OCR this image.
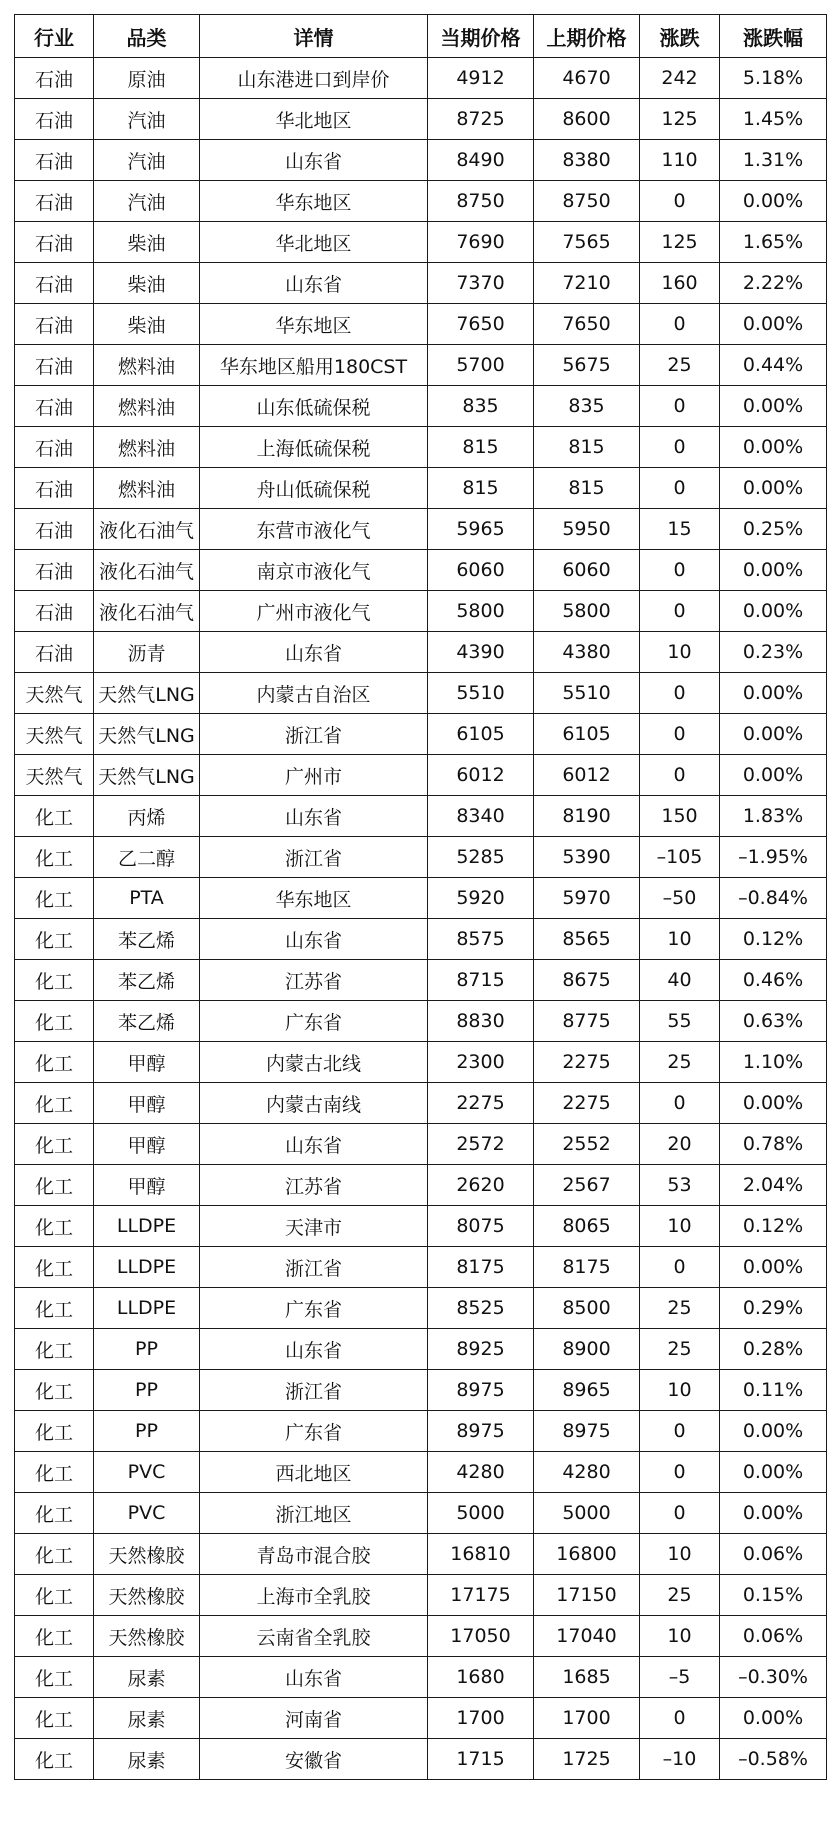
行业	品类	详情	当期价格	上期价格	涨跌	涨跌幅
石油	原油	山东港进口到岸价	4912	4670	242	5.18%
石油	汽油	华北地区	8725	8600	125	1.45%
石油	汽油	山东省	8490	8380	110	1.31%
石油	汽油	华东地区	8750	8750	0	0.00%
石油	柴油	华北地区	7690	7565	125	1.65%
石油	柴油	山东省	7370	7210	160	2.22%
石油	柴油	华东地区	7650	7650	0	0.00%
石油	燃料油	华东地区船用180CST	5700	5675	25	0.44%
石油	燃料油	山东低硫保税	835	835	0	0.00%
石油	燃料油	上海低硫保税	815	815	0	0.00%
石油	燃料油	舟山低硫保税	815	815	0	0.00%
石油	液化石油气	东营市液化气	5965	5950	15	0.25%
石油	液化石油气	南京市液化气	6060	6060	0	0.00%
石油	液化石油气	广州市液化气	5800	5800	0	0.00%
石油	沥青	山东省	4390	4380	10	0.23%
天然气	天然气LNG	内蒙古自治区	5510	5510	0	0.00%
天然气	天然气LNG	浙江省	6105	6105	0	0.00%
天然气	天然气LNG	广州市	6012	6012	0	0.00%
化工	丙烯	山东省	8340	8190	150	1.83%
化工	乙二醇	浙江省	5285	5390	–105	–1.95%
化工	PTA	华东地区	5920	5970	–50	–0.84%
化工	苯乙烯	山东省	8575	8565	10	0.12%
化工	苯乙烯	江苏省	8715	8675	40	0.46%
化工	苯乙烯	广东省	8830	8775	55	0.63%
化工	甲醇	内蒙古北线	2300	2275	25	1.10%
化工	甲醇	内蒙古南线	2275	2275	0	0.00%
化工	甲醇	山东省	2572	2552	20	0.78%
化工	甲醇	江苏省	2620	2567	53	2.04%
化工	LLDPE	天津市	8075	8065	10	0.12%
化工	LLDPE	浙江省	8175	8175	0	0.00%
化工	LLDPE	广东省	8525	8500	25	0.29%
化工	PP	山东省	8925	8900	25	0.28%
化工	PP	浙江省	8975	8965	10	0.11%
化工	PP	广东省	8975	8975	0	0.00%
化工	PVC	西北地区	4280	4280	0	0.00%
化工	PVC	浙江地区	5000	5000	0	0.00%
化工	天然橡胶	青岛市混合胶	16810	16800	10	0.06%
化工	天然橡胶	上海市全乳胶	17175	17150	25	0.15%
化工	天然橡胶	云南省全乳胶	17050	17040	10	0.06%
化工	尿素	山东省	1680	1685	–5	–0.30%
化工	尿素	河南省	1700	1700	0	0.00%
化工	尿素	安徽省	1715	1725	–10	–0.58%
